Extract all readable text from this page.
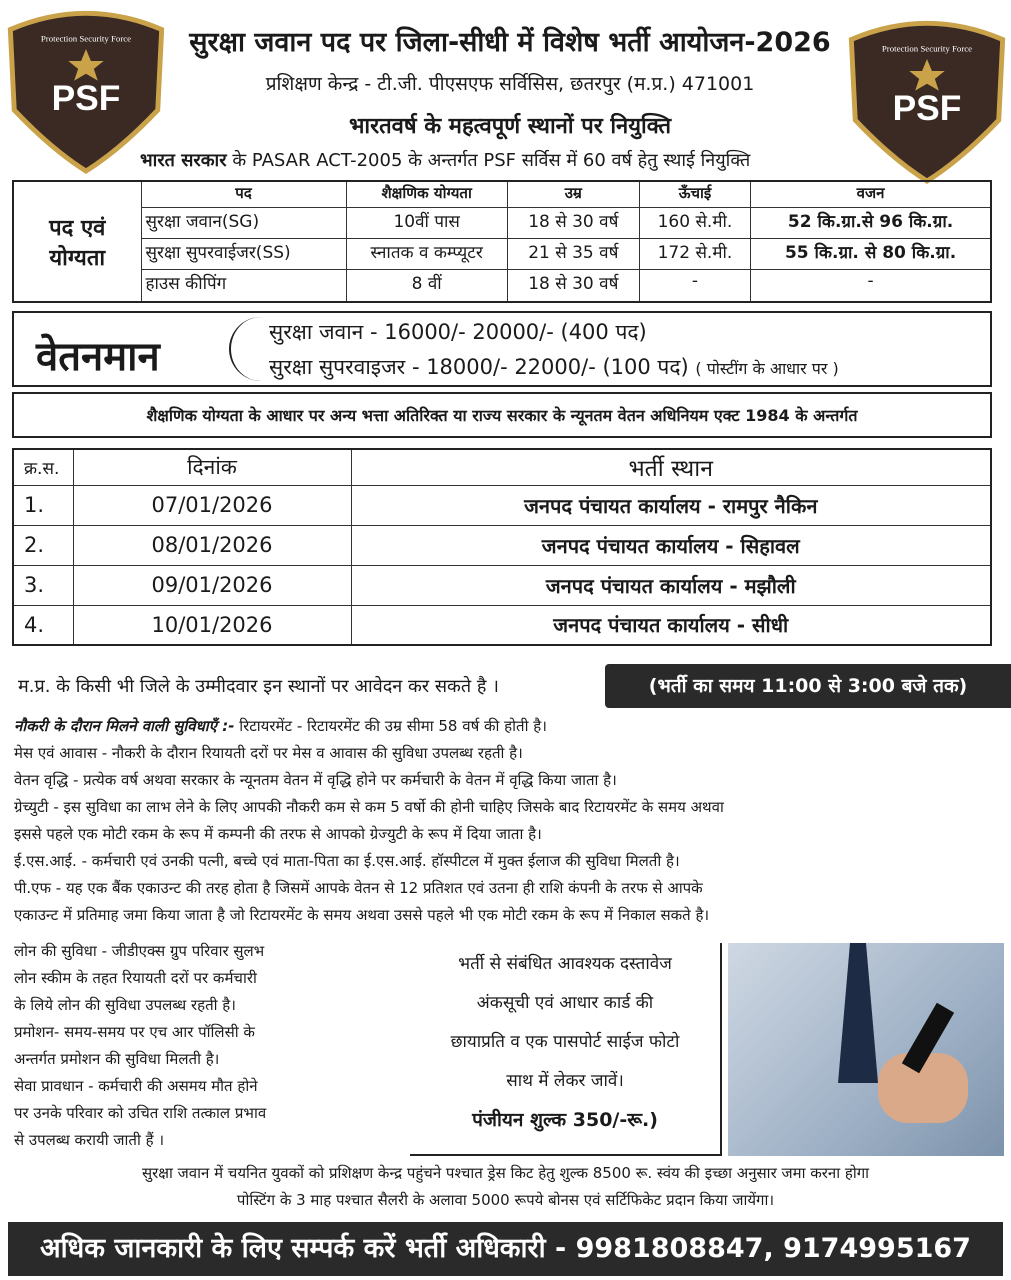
PSF
Protection Security Force
PSF
Protection Security Force
सुरक्षा जवान पद पर जिला-सीधी में विशेष भर्ती आयोजन-2026
प्रशिक्षण केन्द्र - टी.जी. पीएसएफ सर्विसिस, छतरपुर (म.प्र.) 471001
भारतवर्ष के महत्वपूर्ण स्थानों पर नियुक्ति
भारत सरकार के PASAR ACT-2005 के अन्तर्गत PSF सर्विस में 60 वर्ष हेतु स्थाई नियुक्ति
पद एवं योग्यता	पद	शैक्षणिक योग्यता	उम्र	ऊँचाई	वजन
	सुरक्षा जवान(SG)	10वीं पास	18 से 30 वर्ष	160 से.मी.	52 कि.ग्रा.से 96 कि.ग्रा.
	सुरक्षा सुपरवाईजर(SS)	स्नातक व कम्प्यूटर	21 से 35 वर्ष	172 से.मी.	55 कि.ग्रा. से 80 कि.ग्रा.
	हाउस कीपिंग	8 वीं	18 से 30 वर्ष	-	-
वेतनमान
सुरक्षा जवान - 16000/- 20000/- (400 पद)
सुरक्षा सुपरवाइजर - 18000/- 22000/- (100 पद) ( पोस्टींग के आधार पर )
शैक्षणिक योग्यता के आधार पर अन्य भत्ता अतिरिक्त या राज्य सरकार के न्यूनतम वेतन अधिनियम एक्ट 1984 के अन्तर्गत
क्र.स.	दिनांक	भर्ती स्थान
1.	07/01/2026	जनपद पंचायत कार्यालय - रामपुर नैकिन
2.	08/01/2026	जनपद पंचायत कार्यालय - सिहावल
3.	09/01/2026	जनपद पंचायत कार्यालय - मझौली
4.	10/01/2026	जनपद पंचायत कार्यालय - सीधी
म.प्र. के किसी भी जिले के उम्मीदवार इन स्थानों पर आवेदन कर सकते है ।	(भर्ती का समय 11:00 से 3:00 बजे तक)

नौकरी के दौरान मिलने वाली सुविधाएँ :- रिटायरमेंट - रिटायरमेंट की उम्र सीमा 58 वर्ष की होती है।

मेस एवं आवास - नौकरी के दौरान रियायती दरों पर मेस व आवास की सुविधा उपलब्ध रहती है।

वेतन वृद्धि - प्रत्येक वर्ष अथवा सरकार के न्यूनतम वेतन में वृद्धि होने पर कर्मचारी के वेतन में वृद्धि किया जाता है।

ग्रेच्युटी - इस सुविधा का लाभ लेने के लिए आपकी नौकरी कम से कम 5 वर्षो की होनी चाहिए जिसके बाद रिटायरमेंट के समय अथवा

इससे पहले एक मोटी रकम के रूप में कम्पनी की तरफ से आपको ग्रेज्युटी के रूप में दिया जाता है।

ई.एस.आई. - कर्मचारी एवं उनकी पत्नी, बच्चे एवं माता-पिता का ई.एस.आई. हॉस्पीटल में मुक्त ईलाज की सुविधा मिलती है।

पी.एफ - यह एक बैंक एकाउन्ट की तरह होता है जिसमें आपके वेतन से 12 प्रतिशत एवं उतना ही राशि कंपनी के तरफ से आपके

एकाउन्ट में प्रतिमाह जमा किया जाता है जो रिटायरमेंट के समय अथवा उससे पहले भी एक मोटी रकम के रूप में निकाल सकते है।

लोन की सुविधा - जीडीएक्स ग्रुप परिवार सुलभ

लोन स्कीम के तहत रियायती दरों पर कर्मचारी

के लिये लोन की सुविधा उपलब्ध रहती है।

प्रमोशन- समय-समय पर एच आर पॉलिसी के

अन्तर्गत प्रमोशन की सुविधा मिलती है।

सेवा प्रावधान - कर्मचारी की असमय मौत होने

पर उनके परिवार को उचित राशि तत्काल प्रभाव

से उपलब्ध करायी जाती हैं ।

भर्ती से संबंधित आवश्यक दस्तावेज

अंकसूची एवं आधार कार्ड की

छायाप्रति व एक पासपोर्ट साईज फोटो

साथ में लेकर जावें।

पंजीयन शुल्क 350/-रू.)

सुरक्षा जवान में चयनित युवकों को प्रशिक्षण केन्द्र पहुंचने पश्चात ड्रेस किट हेतु शुल्क 8500 रू. स्वंय की इच्छा अनुसार जमा करना होगा

पोस्टिंग के 3 माह पश्चात सैलरी के अलावा 5000 रूपये बोनस एवं सर्टिफिकेट प्रदान किया जायेंगा।

अधिक जानकारी के लिए सम्पर्क करें भर्ती अधिकारी - 9981808847, 9174995167
